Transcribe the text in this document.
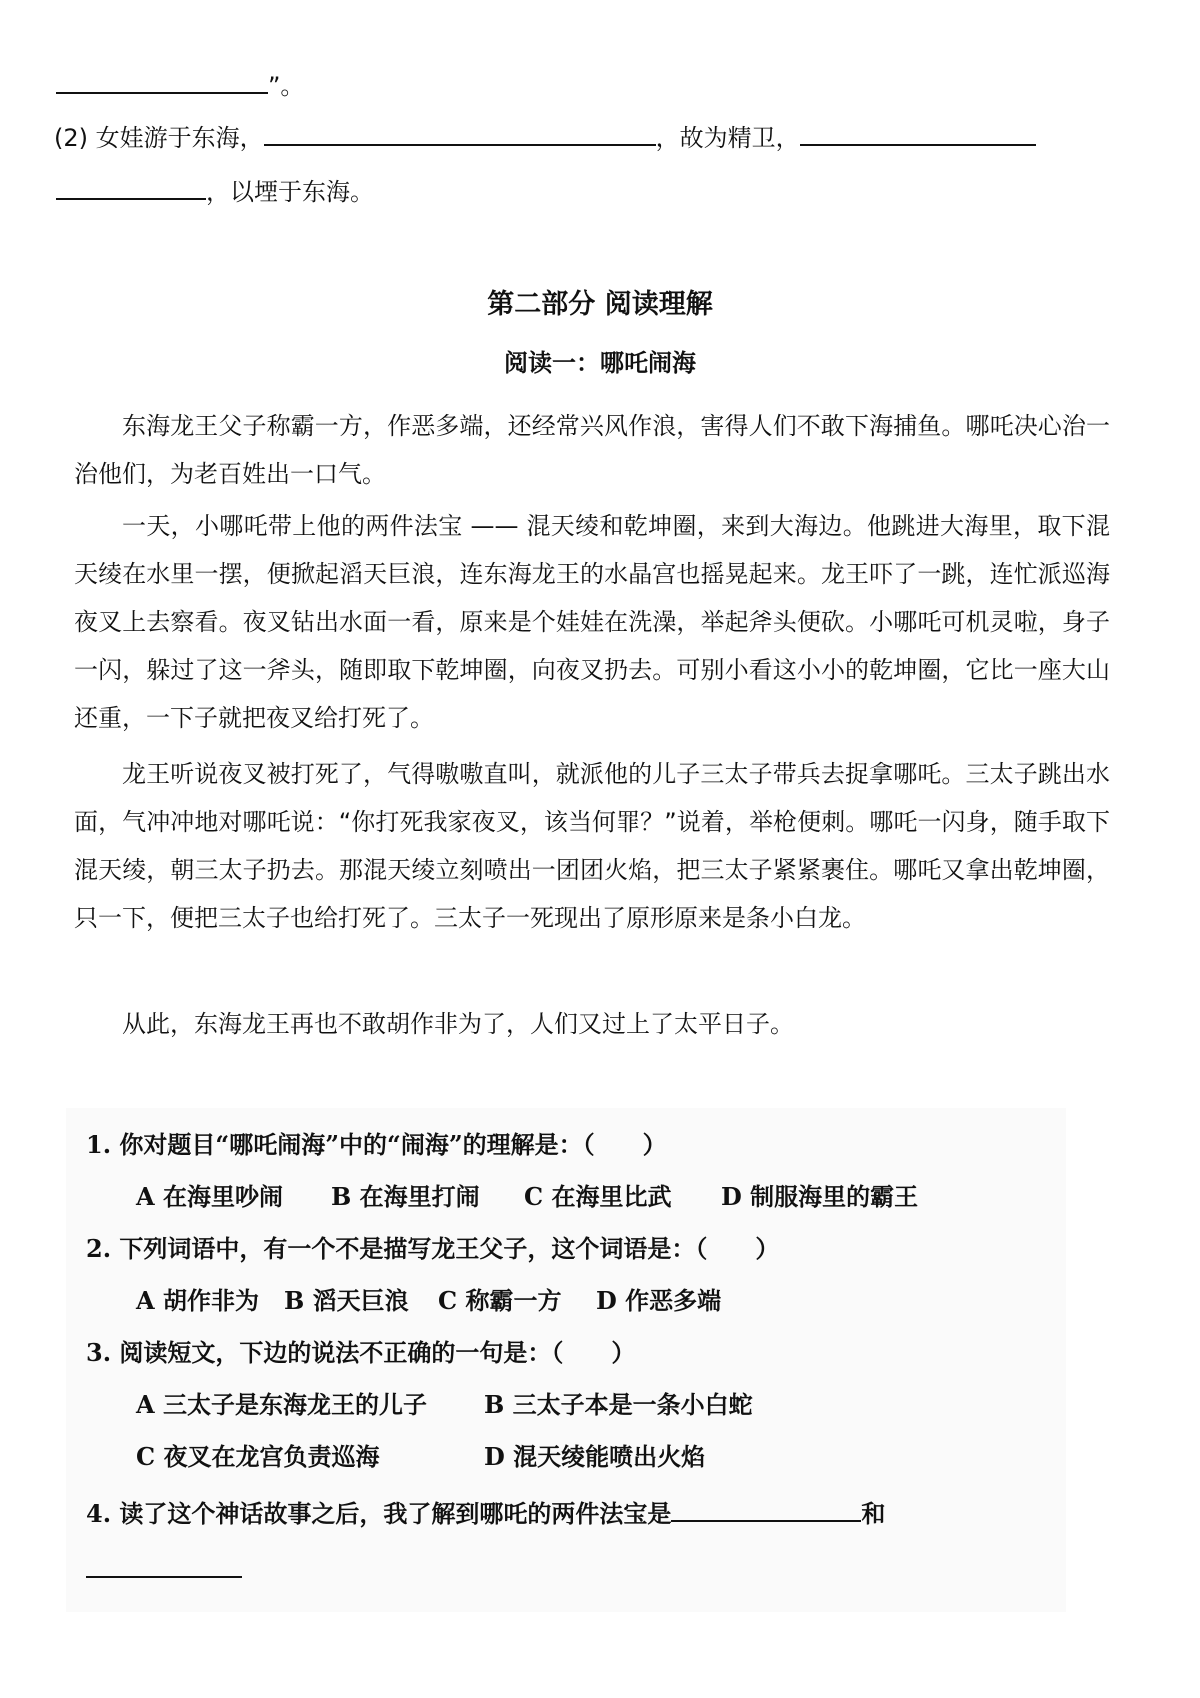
”。
(2) 女娃游于东海，	，故为精卫，
，以堙于东海。
第二部分 阅读理解
阅读一：哪吒闹海

东海龙王父子称霸一方，作恶多端，还经常兴风作浪，害得人们不敢下海捕鱼。哪吒决心治一治他们，为老百姓出一口气。

一天，小哪吒带上他的两件法宝 —— 混天绫和乾坤圈，来到大海边。他跳进大海里，取下混天绫在水里一摆，便掀起滔天巨浪，连东海龙王的水晶宫也摇晃起来。龙王吓了一跳，连忙派巡海夜叉上去察看。夜叉钻出水面一看，原来是个娃娃在洗澡，举起斧头便砍。小哪吒可机灵啦，身子一闪，躲过了这一斧头，随即取下乾坤圈，向夜叉扔去。可别小看这小小的乾坤圈，它比一座大山还重，一下子就把夜叉给打死了。

龙王听说夜叉被打死了，气得嗷嗷直叫，就派他的儿子三太子带兵去捉拿哪吒。三太子跳出水面，气冲冲地对哪吒说：“你打死我家夜叉，该当何罪？”说着，举枪便刺。哪吒一闪身，随手取下混天绫，朝三太子扔去。那混天绫立刻喷出一团团火焰，把三太子紧紧裹住。哪吒又拿出乾坤圈，只一下，便把三太子也给打死了。三太子一死现出了原形原来是条小白龙。

从此，东海龙王再也不敢胡作非为了，人们又过上了太平日子。

1. 你对题目“哪吒闹海”中的“闹海”的理解是：（　　）
A 在海里吵闹 B 在海里打闹 C 在海里比武 D 制服海里的霸王
2. 下列词语中，有一个不是描写龙王父子，这个词语是：（　　）
A 胡作非为 B 滔天巨浪 C 称霸一方 D 作恶多端
3. 阅读短文，下边的说法不正确的一句是：（　　）
A 三太子是东海龙王的儿子 B 三太子本是一条小白蛇
C 夜叉在龙宫负责巡海	D 混天绫能喷出火焰
4. 读了这个神话故事之后，我了解到哪吒的两件法宝是	和
